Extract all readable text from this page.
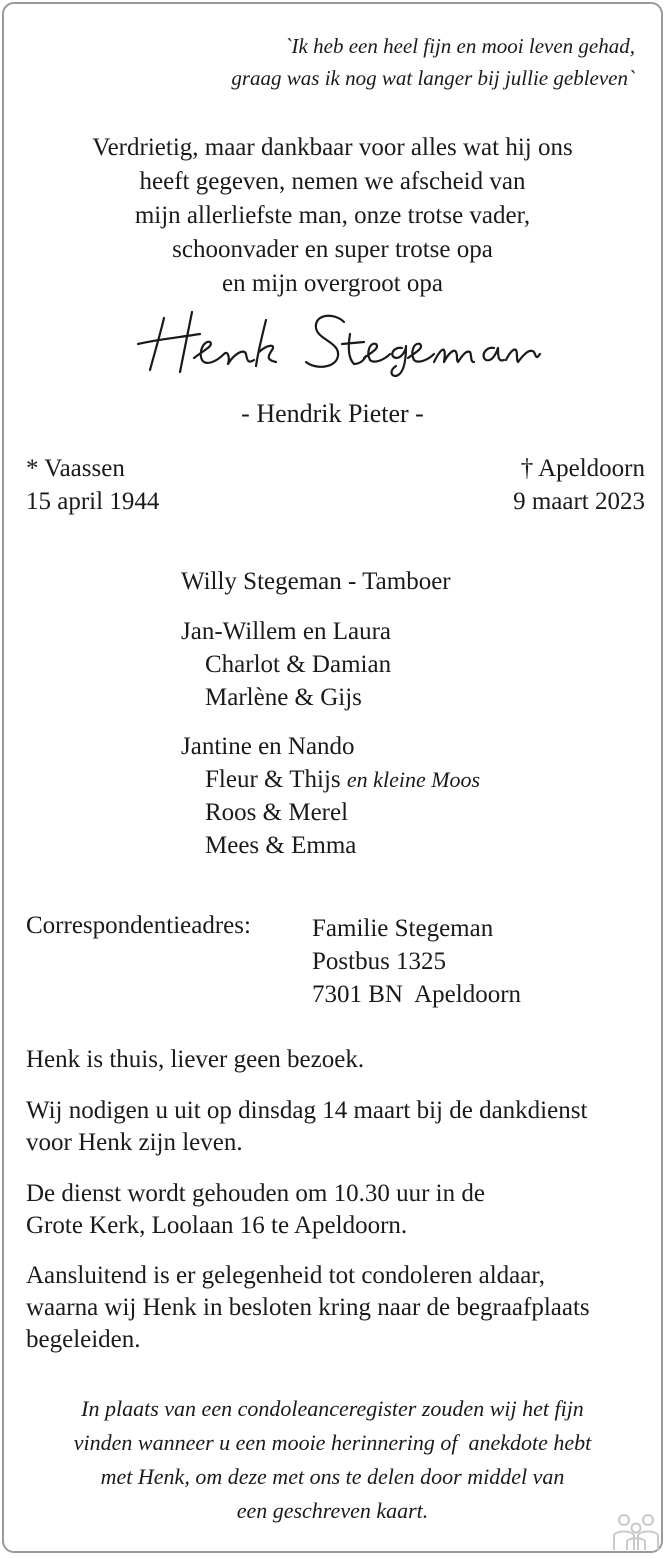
`Ik heb een heel fijn en mooi leven gehad,
graag was ik nog wat langer bij jullie gebleven`
Verdrietig, maar dankbaar voor alles wat hij ons
heeft gegeven, nemen we afscheid van
mijn allerliefste man, onze trotse vader,
schoonvader en super trotse opa
en mijn overgroot opa
- Hendrik Pieter -
* Vaassen
15 april 1944
† Apeldoorn
9 maart 2023
Willy Stegeman - Tamboer
Jan-Willem en Laura
Charlot & Damian
Marlène & Gijs
Jantine en Nando
Fleur & Thijs en kleine Moos
Roos & Merel
Mees & Emma
Correspondentieadres: Familie Stegeman
Postbus 1325
7301 BN  Apeldoorn
Henk is thuis, liever geen bezoek.
Wij nodigen u uit op dinsdag 14 maart bij de dankdienst
voor Henk zijn leven.
De dienst wordt gehouden om 10.30 uur in de
Grote Kerk, Loolaan 16 te Apeldoorn.
Aansluitend is er gelegenheid tot condoleren aldaar,
waarna wij Henk in besloten kring naar de begraafplaats
begeleiden.
In plaats van een condoleanceregister zouden wij het fijn
vinden wanneer u een mooie herinnering of  anekdote hebt
met Henk, om deze met ons te delen door middel van
een geschreven kaart.
